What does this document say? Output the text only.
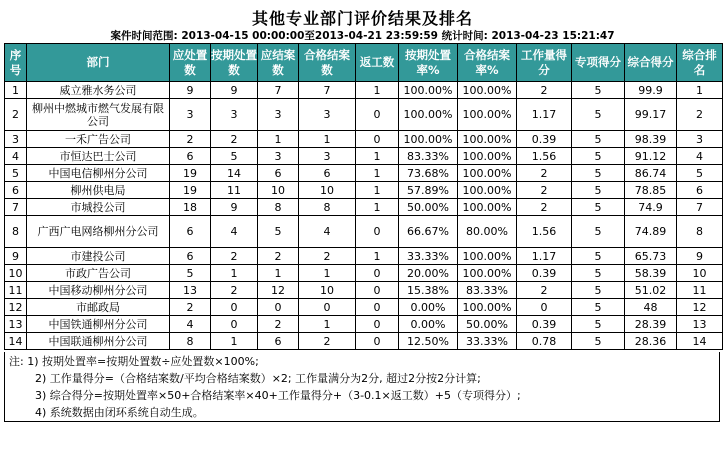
其他专业部门评价结果及排名
案件时间范围: 2013-04-15 00:00:00至2013-04-21 23:59:59 统计时间: 2013-04-23 15:21:47
序号	部门	应处置数	按期处置数	应结案数	合格结案数	返工数	按期处置率%	合格结案率%	工作量得分	专项得分	综合得分	综合排名
1	威立雅水务公司	9	9	7	7	1	100.00%	100.00%	2	5	99.9	1
2	柳州中燃城市燃气发展有限公司	3	3	3	3	0	100.00%	100.00%	1.17	5	99.17	2
3	一禾广告公司	2	2	1	1	0	100.00%	100.00%	0.39	5	98.39	3
4	市恒达巴士公司	6	5	3	3	1	83.33%	100.00%	1.56	5	91.12	4
5	中国电信柳州分公司	19	14	6	6	1	73.68%	100.00%	2	5	86.74	5
6	柳州供电局	19	11	10	10	1	57.89%	100.00%	2	5	78.85	6
7	市城投公司	18	9	8	8	1	50.00%	100.00%	2	5	74.9	7
8	广西广电网络柳州分公司	6	4	5	4	0	66.67%	80.00%	1.56	5	74.89	8
9	市建投公司	6	2	2	2	1	33.33%	100.00%	1.17	5	65.73	9
10	市政广告公司	5	1	1	1	0	20.00%	100.00%	0.39	5	58.39	10
11	中国移动柳州分公司	13	2	12	10	0	15.38%	83.33%	2	5	51.02	11
12	市邮政局	2	0	0	0	0	0.00%	100.00%	0	5	48	12
13	中国铁通柳州分公司	4	0	2	1	0	0.00%	50.00%	0.39	5	28.39	13
14	中国联通柳州分公司	8	1	6	2	0	12.50%	33.33%	0.78	5	28.36	14
注: 1) 按期处置率=按期处置数÷应处置数×100%;
2) 工作量得分=（合格结案数/平均合格结案数）×2; 工作量满分为2分, 超过2分按2分计算;
3) 综合得分=按期处置率×50+合格结案率×40+工作量得分+（3-0.1×返工数）+5（专项得分）;
4) 系统数据由闭环系统自动生成。
